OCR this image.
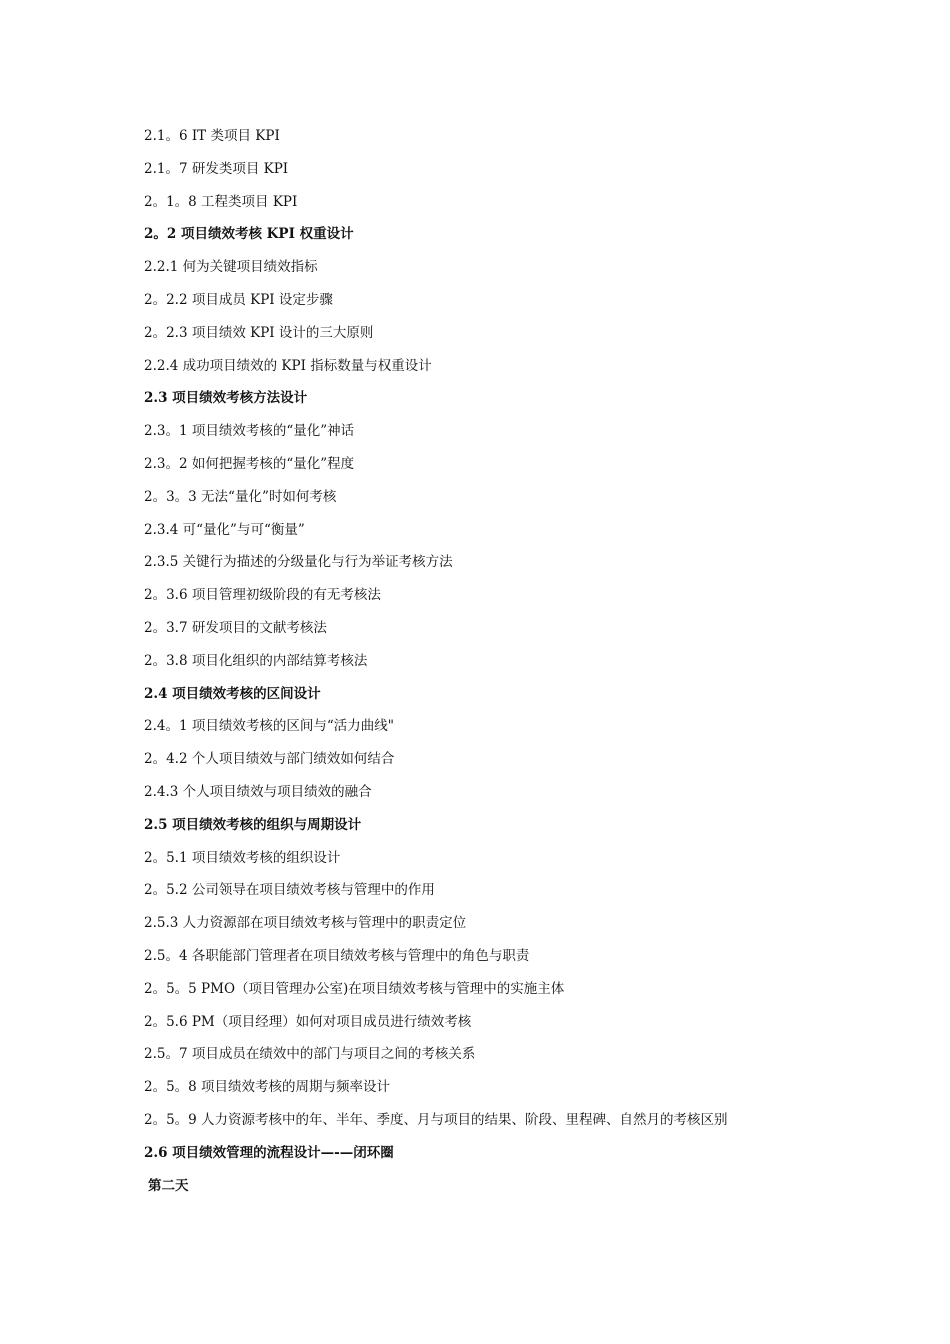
2.1。6 IT 类项目 KPI
2.1。7 研发类项目 KPI
2。1。8 工程类项目 KPI
2。2 项目绩效考核 KPI 权重设计
2.2.1 何为关键项目绩效指标
2。2.2 项目成员 KPI 设定步骤
2。2.3 项目绩效 KPI 设计的三大原则
2.2.4 成功项目绩效的 KPI 指标数量与权重设计
2.3 项目绩效考核方法设计
2.3。1 项目绩效考核的“量化”神话
2.3。2 如何把握考核的“量化”程度
2。3。3 无法“量化”时如何考核
2.3.4 可“量化”与可“衡量”
2.3.5 关键行为描述的分级量化与行为举证考核方法
2。3.6 项目管理初级阶段的有无考核法
2。3.7 研发项目的文献考核法
2。3.8 项目化组织的内部结算考核法
2.4 项目绩效考核的区间设计
2.4。1 项目绩效考核的区间与“活力曲线"
2。4.2 个人项目绩效与部门绩效如何结合
2.4.3 个人项目绩效与项目绩效的融合
2.5 项目绩效考核的组织与周期设计
2。5.1 项目绩效考核的组织设计
2。5.2 公司领导在项目绩效考核与管理中的作用
2.5.3 人力资源部在项目绩效考核与管理中的职责定位
2.5。4 各职能部门管理者在项目绩效考核与管理中的角色与职责
2。5。5 PMO（项目管理办公室)在项目绩效考核与管理中的实施主体
2。5.6 PM（项目经理）如何对项目成员进行绩效考核
2.5。7 项目成员在绩效中的部门与项目之间的考核关系
2。5。8 项目绩效考核的周期与频率设计
2。5。9 人力资源考核中的年、半年、季度、月与项目的结果、阶段、里程碑、自然月的考核区别
2.6 项目绩效管理的流程设计—-—闭环圈
第二天
